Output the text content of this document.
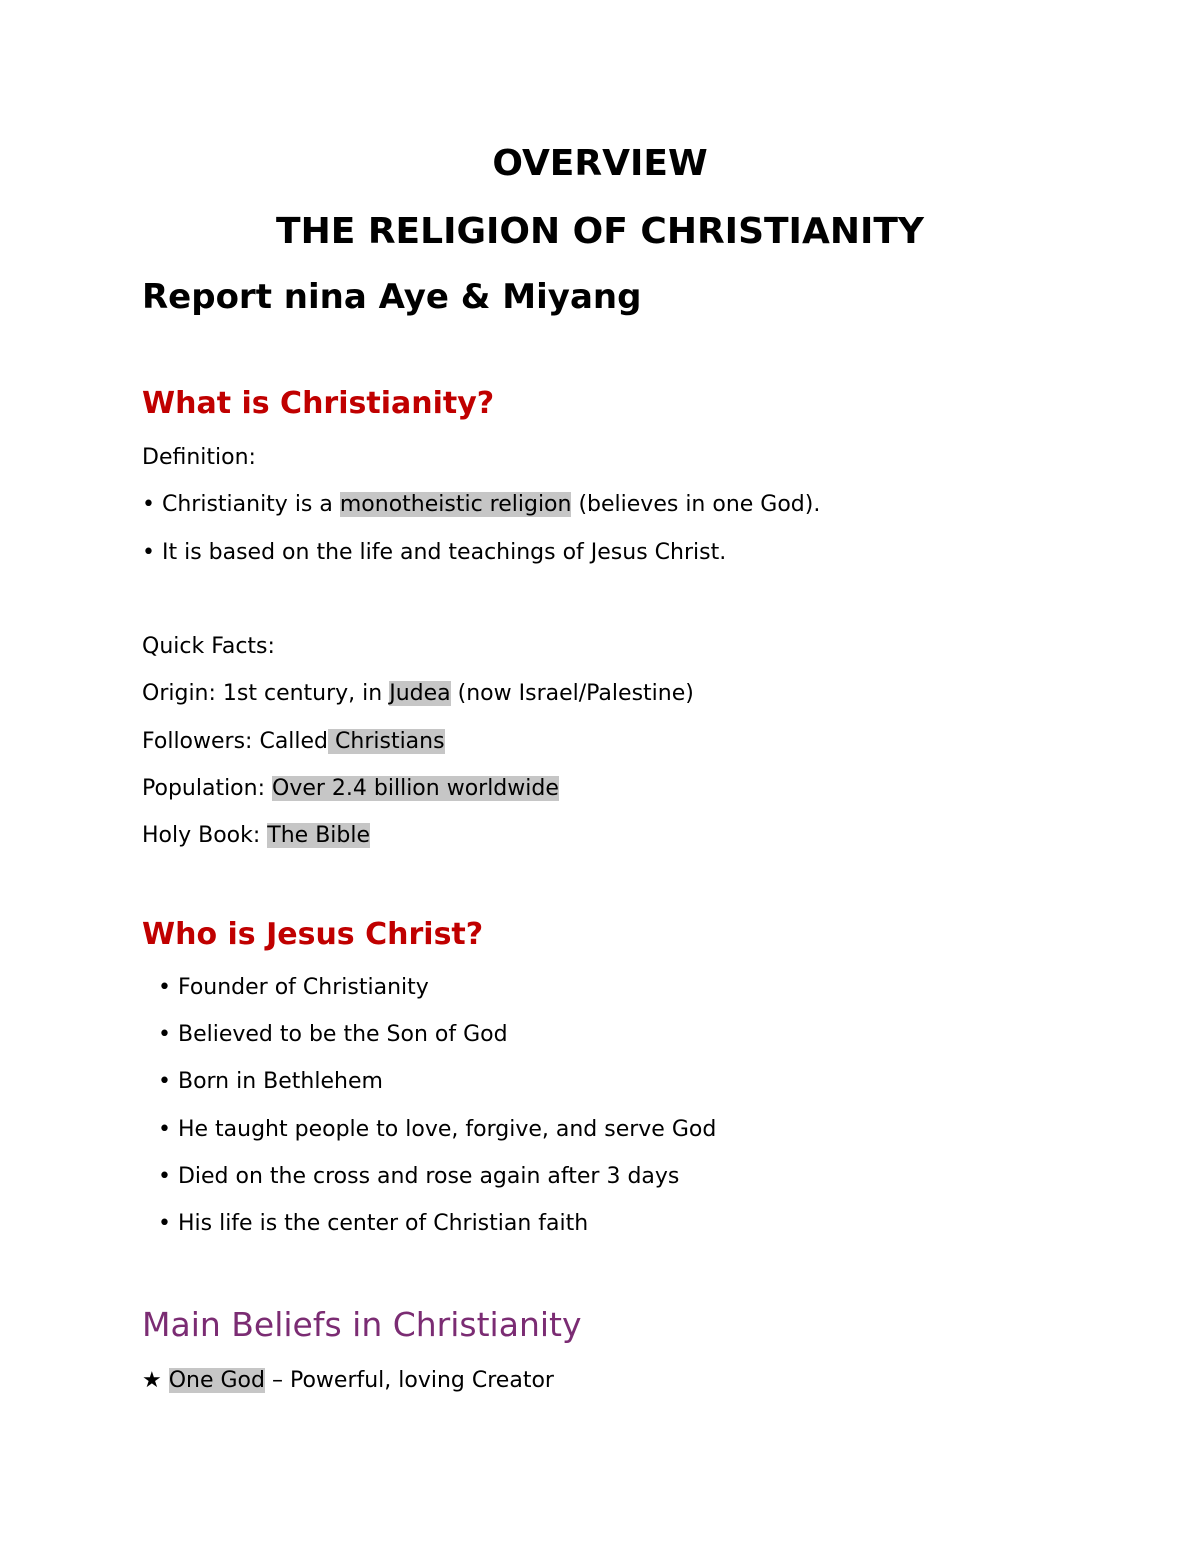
OVERVIEW
THE RELIGION OF CHRISTIANITY
Report nina Aye & Miyang
What is Christianity?
Definition:
• Christianity is a monotheistic religion (believes in one God).
• It is based on the life and teachings of Jesus Christ.
Quick Facts:
Origin: 1st century, in Judea (now Israel/Palestine)
Followers: Called Christians
Population: Over 2.4 billion worldwide
Holy Book: The Bible
Who is Jesus Christ?
• Founder of Christianity
• Believed to be the Son of God
• Born in Bethlehem
• He taught people to love, forgive, and serve God
• Died on the cross and rose again after 3 days
• His life is the center of Christian faith
Main Beliefs in Christianity
★ One God – Powerful, loving Creator
